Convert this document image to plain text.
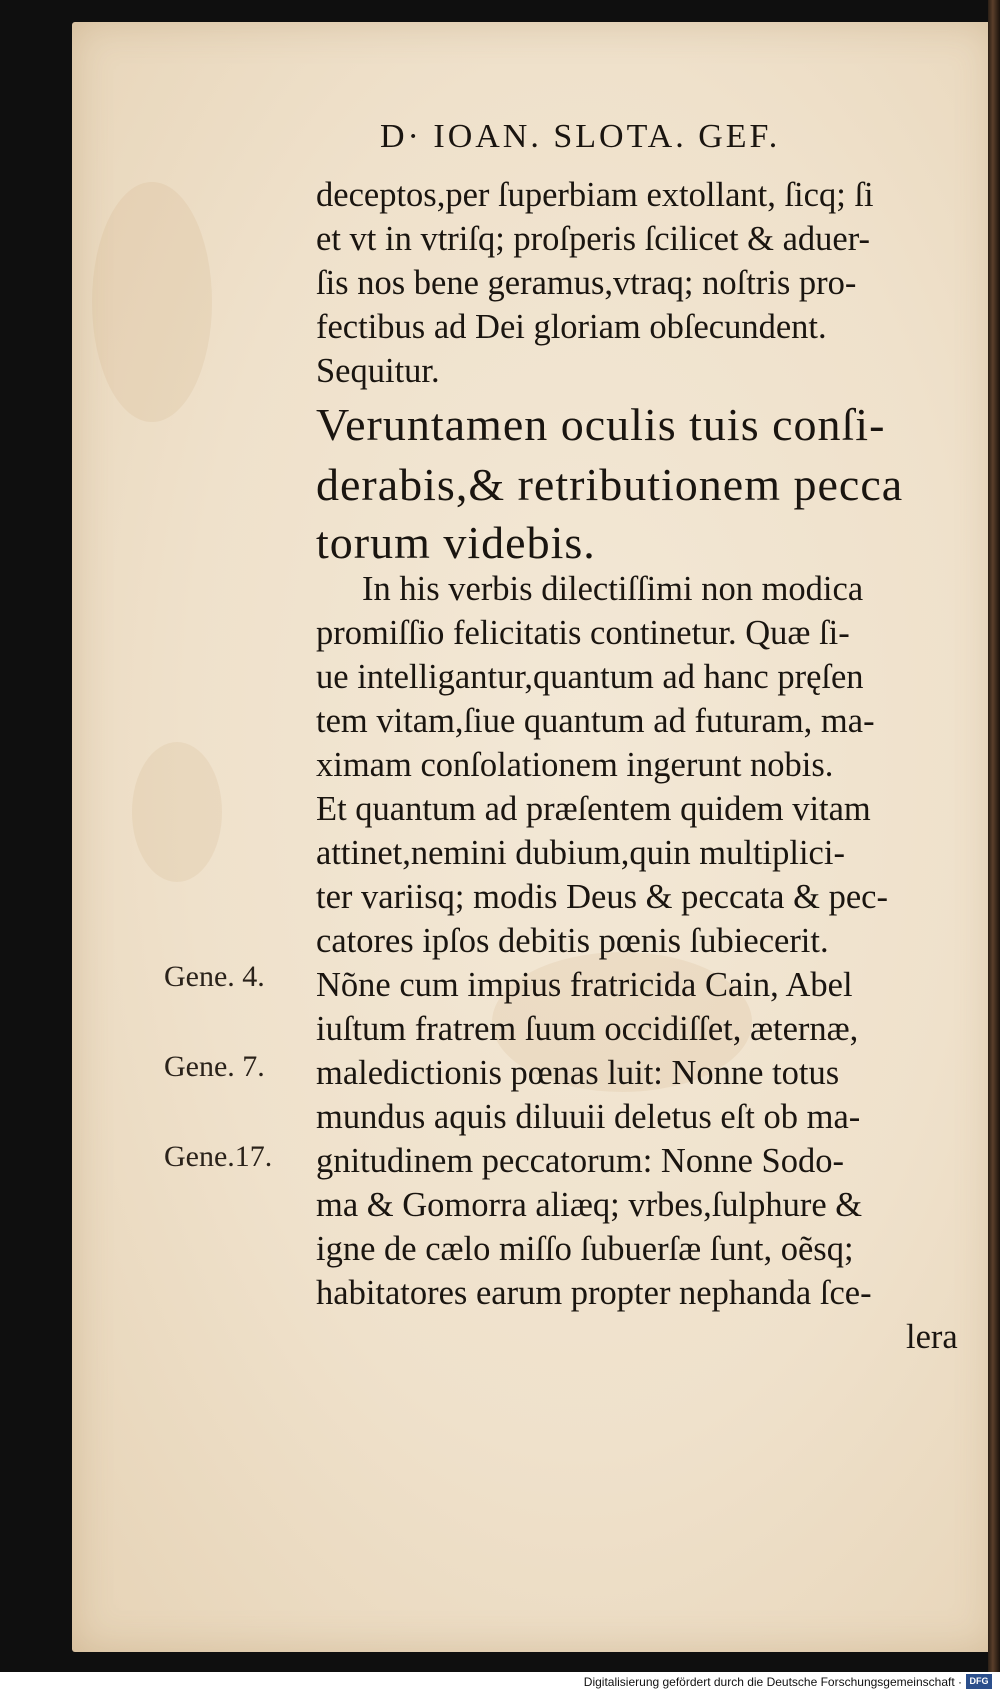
D· IOAN. SLOTA. GEF.
deceptos,per ſuperbiam extollant, ſicq; ſi
et vt in vtriſq; proſperis ſcilicet & aduer-
ſis nos bene geramus,vtraq; noſtris pro-
fectibus ad Dei gloriam obſecundent.
Sequitur.
Veruntamen oculis tuis conſi-
derabis,& retributionem pecca
torum videbis.
In his verbis dilectiſſimi non modica
promiſſio felicitatis continetur. Quæ ſi-
ue intelligantur,quantum ad hanc pręſen
tem vitam,ſiue quantum ad futuram, ma-
ximam conſolationem ingerunt nobis.
Et quantum ad præſentem quidem vitam
attinet,nemini dubium,quin multiplici-
ter variisq; modis Deus & peccata & pec-
catores ipſos debitis pœnis ſubiecerit.
Nõne cum impius fratricida Cain, Abel
iuſtum fratrem ſuum occidiſſet, æternæ,
maledictionis pœnas luit: Nonne totus
mundus aquis diluuii deletus eſt ob ma-
gnitudinem peccatorum: Nonne Sodo-
ma & Gomorra aliæq; vrbes,ſulphure &
igne de cælo miſſo ſubuerſæ ſunt, oẽsq;
habitatores earum propter nephanda ſce-
lera
Gene. 4.
Gene. 7.
Gene.17.
Digitalisierung gefördert durch die Deutsche Forschungsgemeinschaft · DFG
